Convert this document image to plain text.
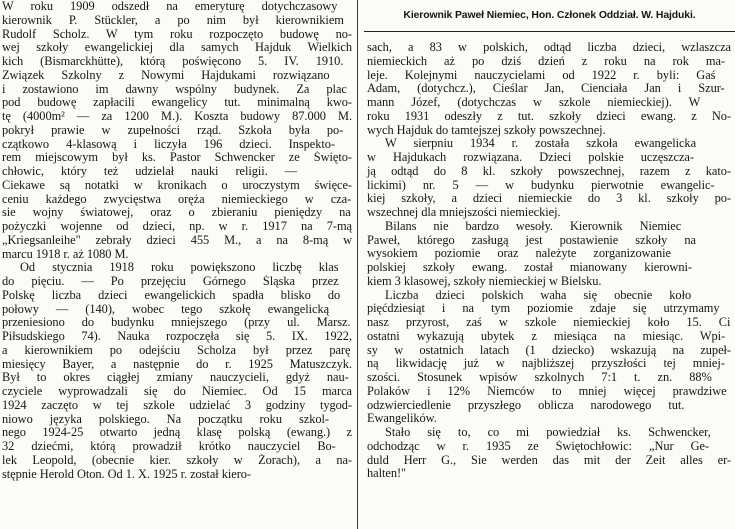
W roku 1909 odszedł na emeryturę dotychczasowy
kierownik P. Stückler, a po nim był kierownikiem
Rudolf Scholz. W tym roku rozpoczęto budowę no-
wej szkoły ewangelickiej dla samych Hajduk Wielkich
kich (Bismarckhütte), którą poświęcono 5. IV. 1910.
Związek Szkolny z Nowymi Hajdukami rozwiązano
i zostawiono im dawny wspólny budynek. Za plac
pod budowę zapłacili ewangelicy tut. minimalną kwo-
tę (4000m² — za 1200 M.). Koszta budowy 87.000 M.
pokrył prawie w zupełności rząd. Szkoła była po-
czątkowo 4-klasową i liczyła 196 dzieci. Inspekto-
rem miejscowym był ks. Pastor Schwencker ze Święto-
chłowic, który też udzielał nauki religii. —
Ciekawe są notatki w kronikach o uroczystym święce-
ceniu każdego zwycięstwa oręża niemieckiego w cza-
sie wojny światowej, oraz o zbieraniu pieniędzy na
pożyczki wojenne od dzieci, np. w r. 1917 na 7-mą
„Kriegsanleihe" zebrały dzieci 455 M., a na 8-mą w
marcu 1918 r. aż 1080 M.
Od stycznia 1918 roku powiększono liczbę klas
do pięciu. — Po przejęciu Górnego Śląska przez
Polskę liczba dzieci ewangelickich spadła blisko do
połowy — (140), wobec tego szkołę ewangelicką
przeniesiono do budynku mniejszego (przy ul. Marsz.
Piłsudskiego 74). Nauka rozpoczęła się 5. IX. 1922,
a kierownikiem po odejściu Scholza był przez parę
miesięcy Bayer, a następnie do r. 1925 Matuszczyk.
Był to okres ciągłej zmiany nauczycieli, gdyż nau-
czyciele wyprowadzali się do Niemiec. Od 15 marca
1924 zaczęto w tej szkole udzielać 3 godziny tygod-
niowo języka polskiego. Na początku roku szkol-
nego 1924-25 otwarto jedną klasę polską (ewang.) z
32 dziećmi, którą prowadził krótko nauczyciel Bo-
lek Leopold, (obecnie kier. szkoły w Żorach), a na-
stępnie Herold Oton. Od 1. X. 1925 r. został kiero-
Kierownik Paweł Niemiec, Hon. Członek Oddział. W. Hajduki.
sach, a 83 w polskich, odtąd liczba dzieci, wzlaszcza
niemieckich aż po dziś dzień z roku na rok ma-
leje. Kolejnymi nauczycielami od 1922 r. byli: Gaś
Adam, (dotychcz.), Cieślar Jan, Cienciała Jan i Szur-
mann Józef, (dotychczas w szkole niemieckiej). W
roku 1931 odeszły z tut. szkoły dzieci ewang. z No-
wych Hajduk do tamtejszej szkoły powszechnej.
W sierpniu 1934 r. została szkoła ewangelicka
w Hajdukach rozwiązana. Dzieci polskie uczęszcza-
ją odtąd do 8 kl. szkoły powszechnej, razem z kato-
lickimi) nr. 5 — w budynku pierwotnie ewangelic-
kiej szkoły, a dzieci niemieckie do 3 kl. szkoły po-
wszechnej dla mniejszości niemieckiej.
Bilans nie bardzo wesoły. Kierownik Niemiec
Paweł, którego zasługą jest postawienie szkoły na
wysokiem poziomie oraz należyte zorganizowanie
polskiej szkoły ewang. został mianowany kierowni-
kiem 3 klasowej, szkoły niemieckiej w Bielsku.
Liczba dzieci polskich waha się obecnie koło
pięćdziesiąt i na tym poziomie zdaje się utrzymamy
nasz przyrost, zaś w szkole niemieckiej koło 15. Ci
ostatni wykazują ubytek z miesiąca na miesiąc. Wpi-
sy w ostatnich latach (1 dziecko) wskazują na zupeł-
ną likwidację już w najbliższej przyszłości tej mniej-
szości. Stosunek wpisów szkolnych 7:1 t. zn. 88%
Polaków i 12% Niemców to mniej więcej prawdziwe
odzwierciedlenie przyszłego oblicza narodowego tut.
Ewangelików.
Stało się to, co mi powiedział ks. Schwencker,
odchodząc w r. 1935 ze Świętochłowic: „Nur Ge-
duld Herr G., Sie werden das mit der Zeit alles er-
halten!"
